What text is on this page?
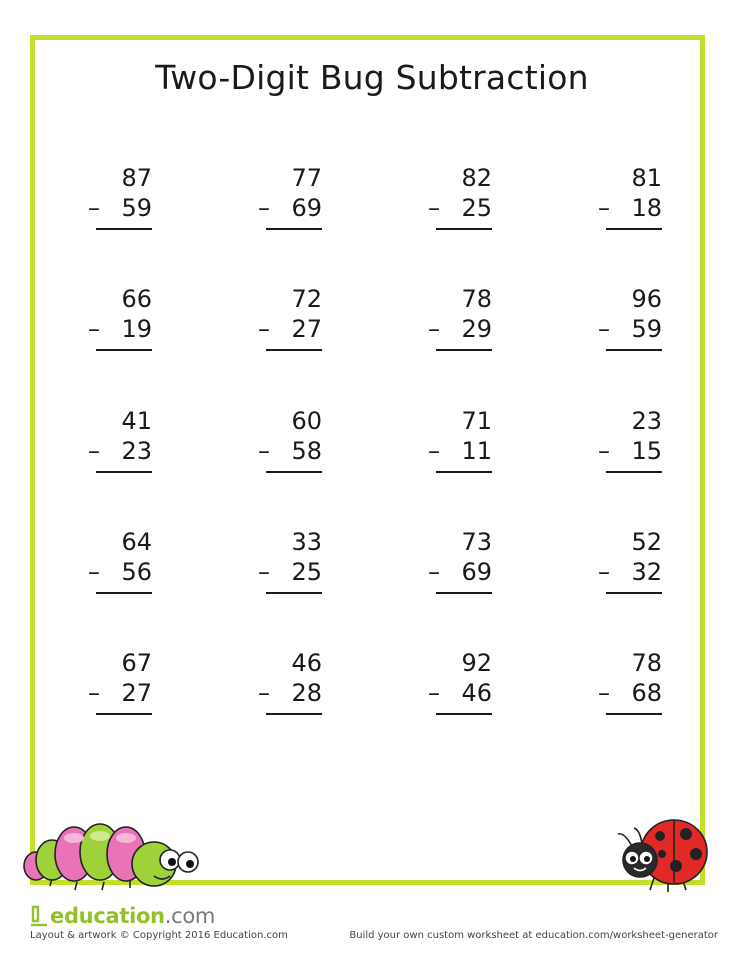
Two-Digit Bug Subtraction
87
– 59
77
– 69
82
– 25
81
– 18
66
– 19
72
– 27
78
– 29
96
– 59
41
– 23
60
– 58
71
– 11
23
– 15
64
– 56
33
– 25
73
– 69
52
– 32
67
– 27
46
– 28
92
– 46
78
– 68
education .com
Layout & artwork © Copyright 2016 Education.com	Build your own custom worksheet at education.com/worksheet-generator
